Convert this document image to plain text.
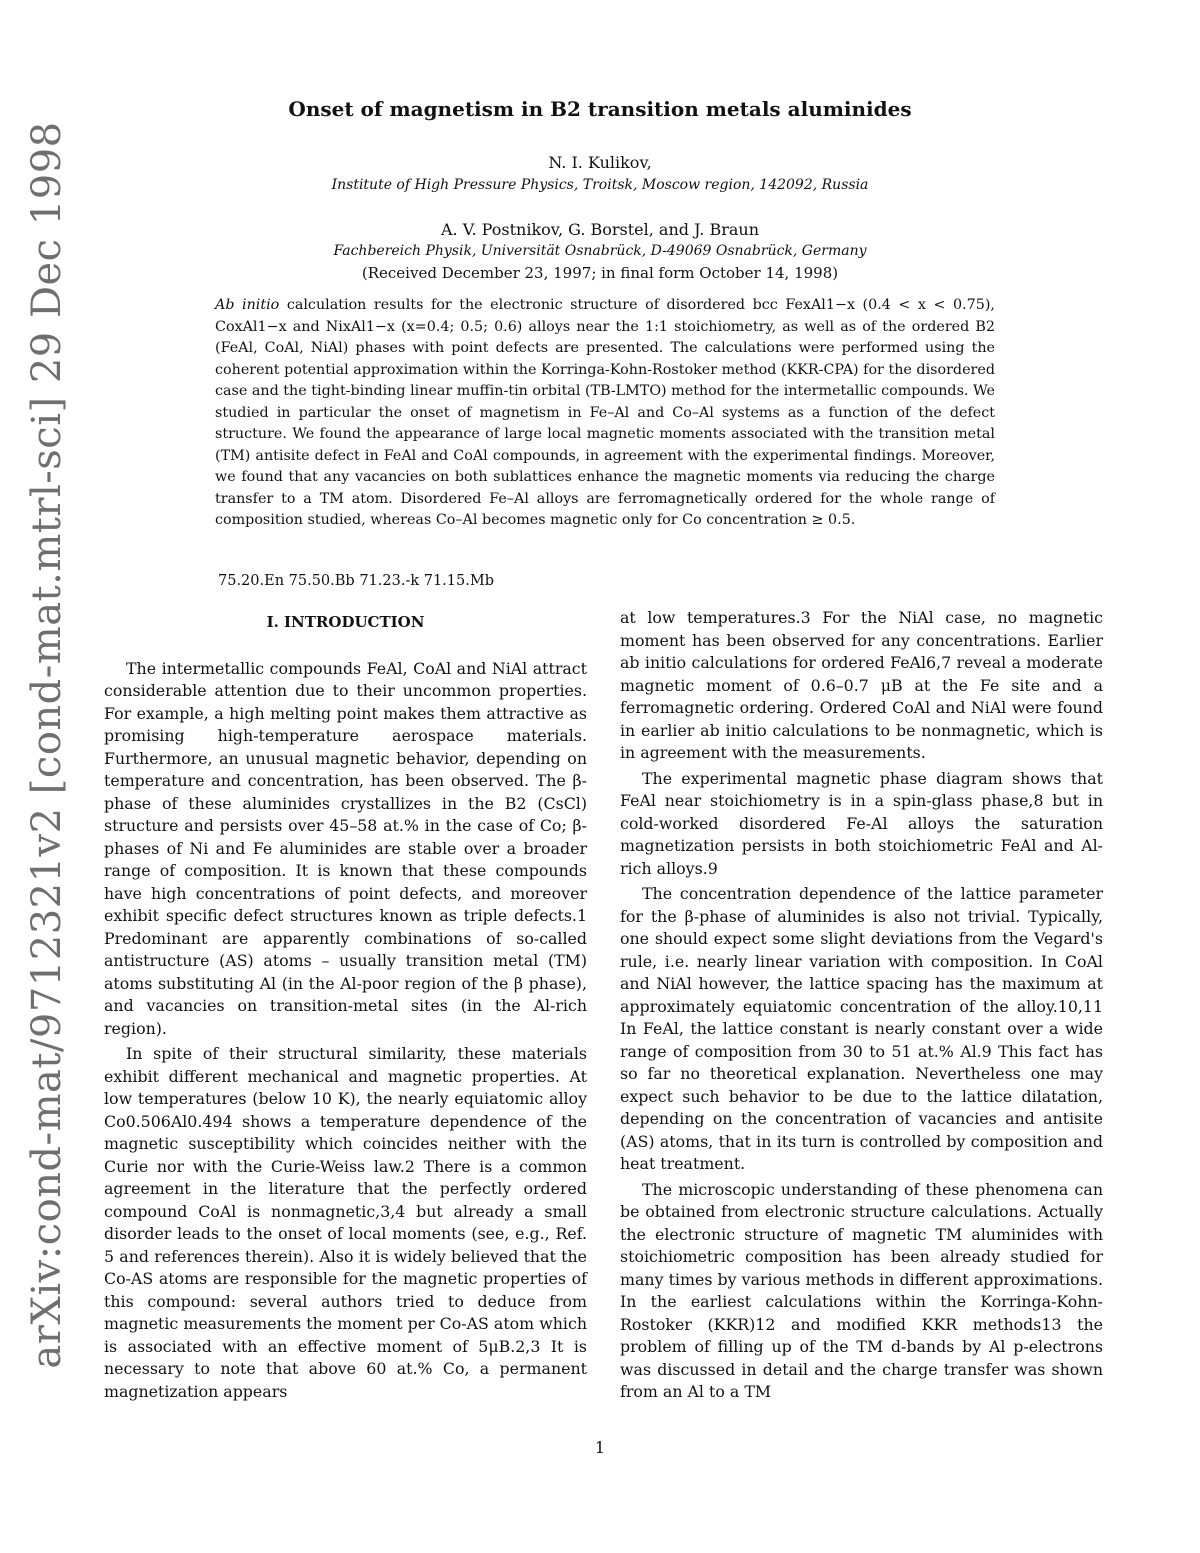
arXiv:cond-mat/9712321v2 [cond-mat.mtrl-sci] 29 Dec 1998
Onset of magnetism in B2 transition metals aluminides
N. I. Kulikov,
Institute of High Pressure Physics, Troitsk, Moscow region, 142092, Russia
A. V. Postnikov, G. Borstel, and J. Braun
Fachbereich Physik, Universität Osnabrück, D-49069 Osnabrück, Germany
(Received December 23, 1997; in final form October 14, 1998)

Ab initio calculation results for the electronic structure of disordered bcc FexAl1−x (0.4 < x < 0.75), CoxAl1−x and NixAl1−x (x=0.4; 0.5; 0.6) alloys near the 1:1 stoichiometry, as well as of the ordered B2 (FeAl, CoAl, NiAl) phases with point defects are presented. The calculations were performed using the coherent potential approximation within the Korringa-Kohn-Rostoker method (KKR-CPA) for the disordered case and the tight-binding linear muffin-tin orbital (TB-LMTO) method for the intermetallic compounds. We studied in particular the onset of magnetism in Fe–Al and Co–Al systems as a function of the defect structure. We found the appearance of large local magnetic moments associated with the transition metal (TM) antisite defect in FeAl and CoAl compounds, in agreement with the experimental findings. Moreover, we found that any vacancies on both sublattices enhance the magnetic moments via reducing the charge transfer to a TM atom. Disordered Fe–Al alloys are ferromagnetically ordered for the whole range of composition studied, whereas Co–Al becomes magnetic only for Co concentration ≥ 0.5.

75.20.En 75.50.Bb 71.23.-k 71.15.Mb
I. INTRODUCTION

The intermetallic compounds FeAl, CoAl and NiAl attract considerable attention due to their uncommon properties. For example, a high melting point makes them attractive as promising high-temperature aerospace materials. Furthermore, an unusual magnetic behavior, depending on temperature and concentration, has been observed. The β-phase of these aluminides crystallizes in the B2 (CsCl) structure and persists over 45–58 at.% in the case of Co; β-phases of Ni and Fe aluminides are stable over a broader range of composition. It is known that these compounds have high concentrations of point defects, and moreover exhibit specific defect structures known as triple defects.1 Predominant are apparently combinations of so-called antistructure (AS) atoms – usually transition metal (TM) atoms substituting Al (in the Al-poor region of the β phase), and vacancies on transition-metal sites (in the Al-rich region).

In spite of their structural similarity, these materials exhibit different mechanical and magnetic properties. At low temperatures (below 10 K), the nearly equiatomic alloy Co0.506Al0.494 shows a temperature dependence of the magnetic susceptibility which coincides neither with the Curie nor with the Curie-Weiss law.2 There is a common agreement in the literature that the perfectly ordered compound CoAl is nonmagnetic,3,4 but already a small disorder leads to the onset of local moments (see, e.g., Ref. 5 and references therein). Also it is widely believed that the Co-AS atoms are responsible for the magnetic properties of this compound: several authors tried to deduce from magnetic measurements the moment per Co-AS atom which is associated with an effective moment of 5μB.2,3 It is necessary to note that above 60 at.% Co, a permanent magnetization appears

at low temperatures.3 For the NiAl case, no magnetic moment has been observed for any concentrations. Earlier ab initio calculations for ordered FeAl6,7 reveal a moderate magnetic moment of 0.6–0.7 μB at the Fe site and a ferromagnetic ordering. Ordered CoAl and NiAl were found in earlier ab initio calculations to be nonmagnetic, which is in agreement with the measurements.

The experimental magnetic phase diagram shows that FeAl near stoichiometry is in a spin-glass phase,8 but in cold-worked disordered Fe-Al alloys the saturation magnetization persists in both stoichiometric FeAl and Al-rich alloys.9

The concentration dependence of the lattice parameter for the β-phase of aluminides is also not trivial. Typically, one should expect some slight deviations from the Vegard's rule, i.e. nearly linear variation with composition. In CoAl and NiAl however, the lattice spacing has the maximum at approximately equiatomic concentration of the alloy.10,11 In FeAl, the lattice constant is nearly constant over a wide range of composition from 30 to 51 at.% Al.9 This fact has so far no theoretical explanation. Nevertheless one may expect such behavior to be due to the lattice dilatation, depending on the concentration of vacancies and antisite (AS) atoms, that in its turn is controlled by composition and heat treatment.

The microscopic understanding of these phenomena can be obtained from electronic structure calculations. Actually the electronic structure of magnetic TM aluminides with stoichiometric composition has been already studied for many times by various methods in different approximations. In the earliest calculations within the Korringa-Kohn-Rostoker (KKR)12 and modified KKR methods13 the problem of filling up of the TM d-bands by Al p-electrons was discussed in detail and the charge transfer was shown from an Al to a TM

1
